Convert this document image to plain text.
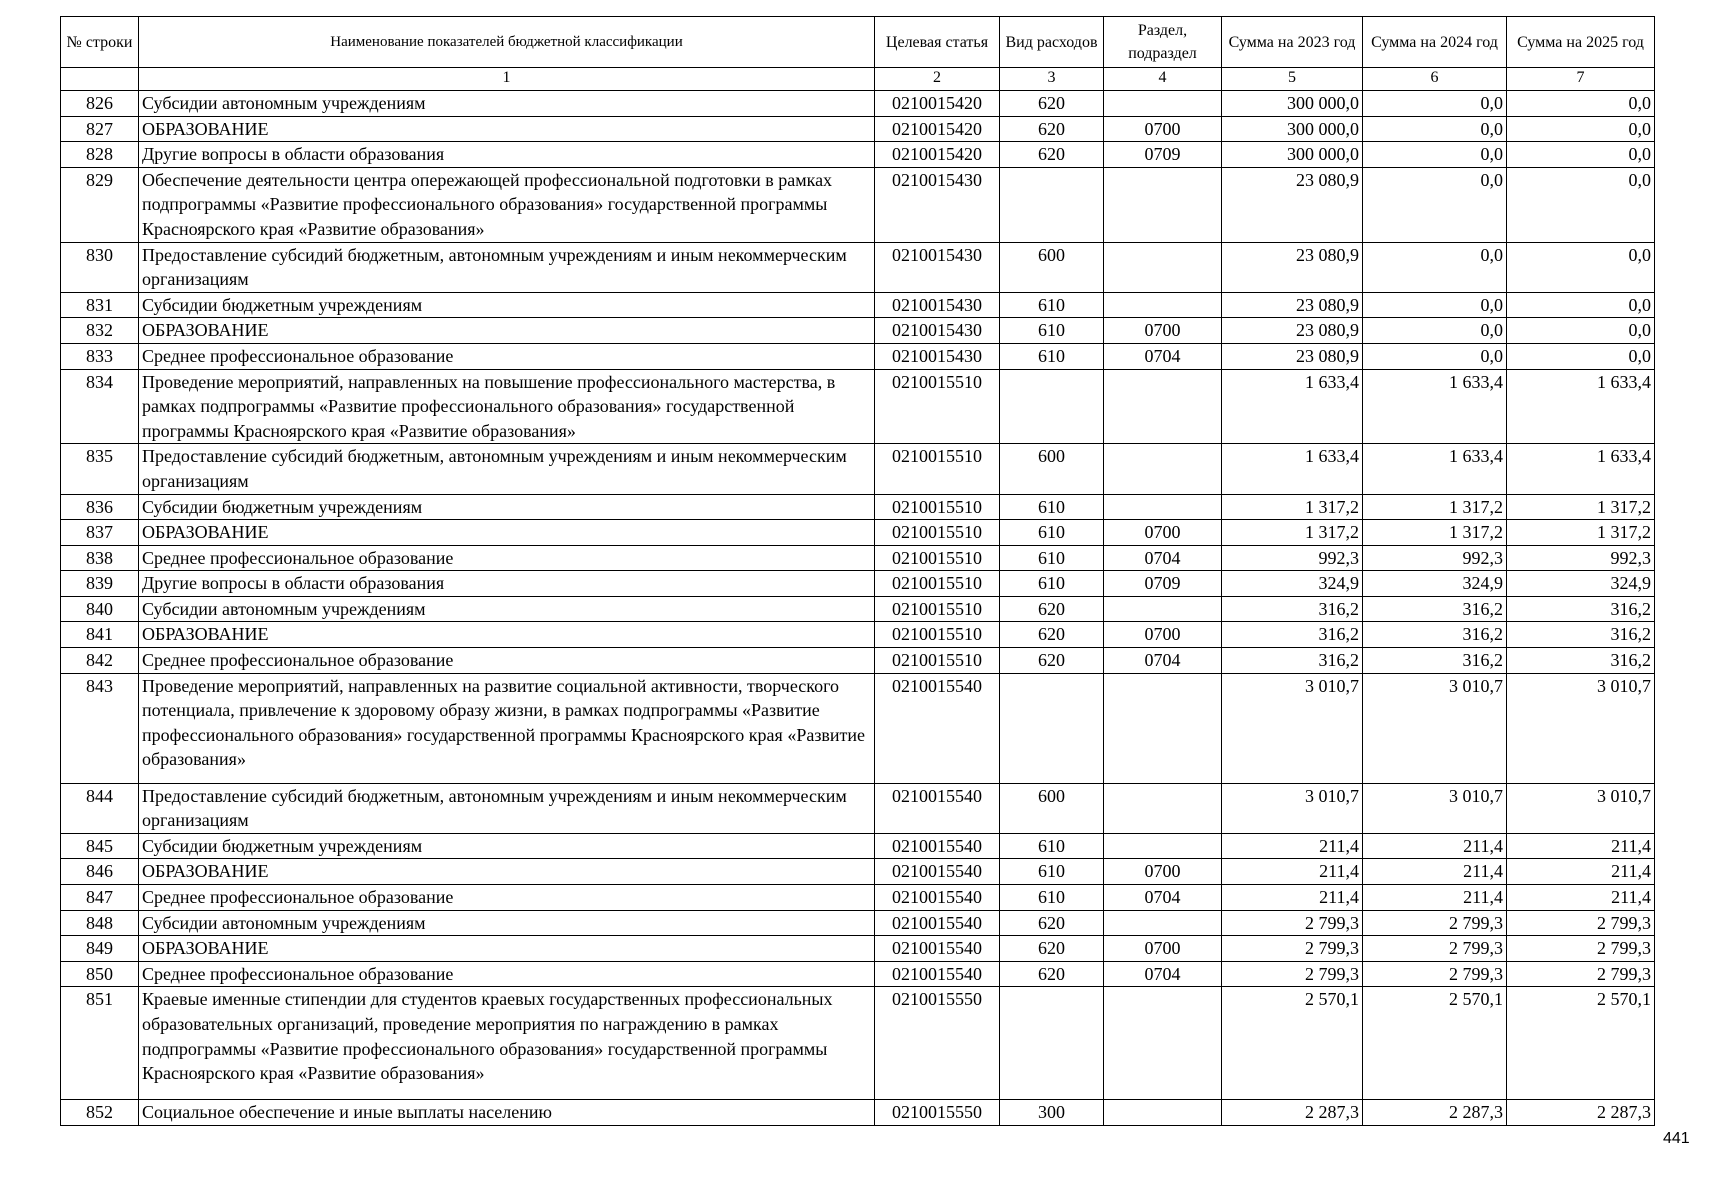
№ строки	Наименование показателей бюджетной классификации	Целевая статья	Вид расходов	Раздел, подраздел	Сумма на 2023 год	Сумма на 2024 год	Сумма на 2025 год
	1	2	3	4	5	6	7
826	Субсидии автономным учреждениям	0210015420	620		300 000,0	0,0	0,0
827	ОБРАЗОВАНИЕ	0210015420	620	0700	300 000,0	0,0	0,0
828	Другие вопросы в области образования	0210015420	620	0709	300 000,0	0,0	0,0
829	Обеспечение деятельности центра опережающей профессиональной подготовки в рамках подпрограммы «Развитие профессионального образования» государственной программы Красноярского края «Развитие образования»	0210015430			23 080,9	0,0	0,0
830	Предоставление субсидий бюджетным, автономным учреждениям и иным некоммерческим организациям	0210015430	600		23 080,9	0,0	0,0
831	Субсидии бюджетным учреждениям	0210015430	610		23 080,9	0,0	0,0
832	ОБРАЗОВАНИЕ	0210015430	610	0700	23 080,9	0,0	0,0
833	Среднее профессиональное образование	0210015430	610	0704	23 080,9	0,0	0,0
834	Проведение мероприятий, направленных на повышение профессионального мастерства, в рамках подпрограммы «Развитие профессионального образования» государственной программы Красноярского края «Развитие образования»	0210015510			1 633,4	1 633,4	1 633,4
835	Предоставление субсидий бюджетным, автономным учреждениям и иным некоммерческим организациям	0210015510	600		1 633,4	1 633,4	1 633,4
836	Субсидии бюджетным учреждениям	0210015510	610		1 317,2	1 317,2	1 317,2
837	ОБРАЗОВАНИЕ	0210015510	610	0700	1 317,2	1 317,2	1 317,2
838	Среднее профессиональное образование	0210015510	610	0704	992,3	992,3	992,3
839	Другие вопросы в области образования	0210015510	610	0709	324,9	324,9	324,9
840	Субсидии автономным учреждениям	0210015510	620		316,2	316,2	316,2
841	ОБРАЗОВАНИЕ	0210015510	620	0700	316,2	316,2	316,2
842	Среднее профессиональное образование	0210015510	620	0704	316,2	316,2	316,2
843	Проведение мероприятий, направленных на развитие социальной активности, творческого потенциала, привлечение к здоровому образу жизни, в рамках подпрограммы «Развитие профессионального образования» государственной программы Красноярского края «Развитие образования»	0210015540			3 010,7	3 010,7	3 010,7
844	Предоставление субсидий бюджетным, автономным учреждениям и иным некоммерческим организациям	0210015540	600		3 010,7	3 010,7	3 010,7
845	Субсидии бюджетным учреждениям	0210015540	610		211,4	211,4	211,4
846	ОБРАЗОВАНИЕ	0210015540	610	0700	211,4	211,4	211,4
847	Среднее профессиональное образование	0210015540	610	0704	211,4	211,4	211,4
848	Субсидии автономным учреждениям	0210015540	620		2 799,3	2 799,3	2 799,3
849	ОБРАЗОВАНИЕ	0210015540	620	0700	2 799,3	2 799,3	2 799,3
850	Среднее профессиональное образование	0210015540	620	0704	2 799,3	2 799,3	2 799,3
851	Краевые именные стипендии для студентов краевых государственных профессиональных образовательных организаций, проведение мероприятия по награждению в рамках подпрограммы «Развитие профессионального образования» государственной программы Красноярского края «Развитие образования»	0210015550			2 570,1	2 570,1	2 570,1
852	Социальное обеспечение и иные выплаты населению	0210015550	300		2 287,3	2 287,3	2 287,3
441
